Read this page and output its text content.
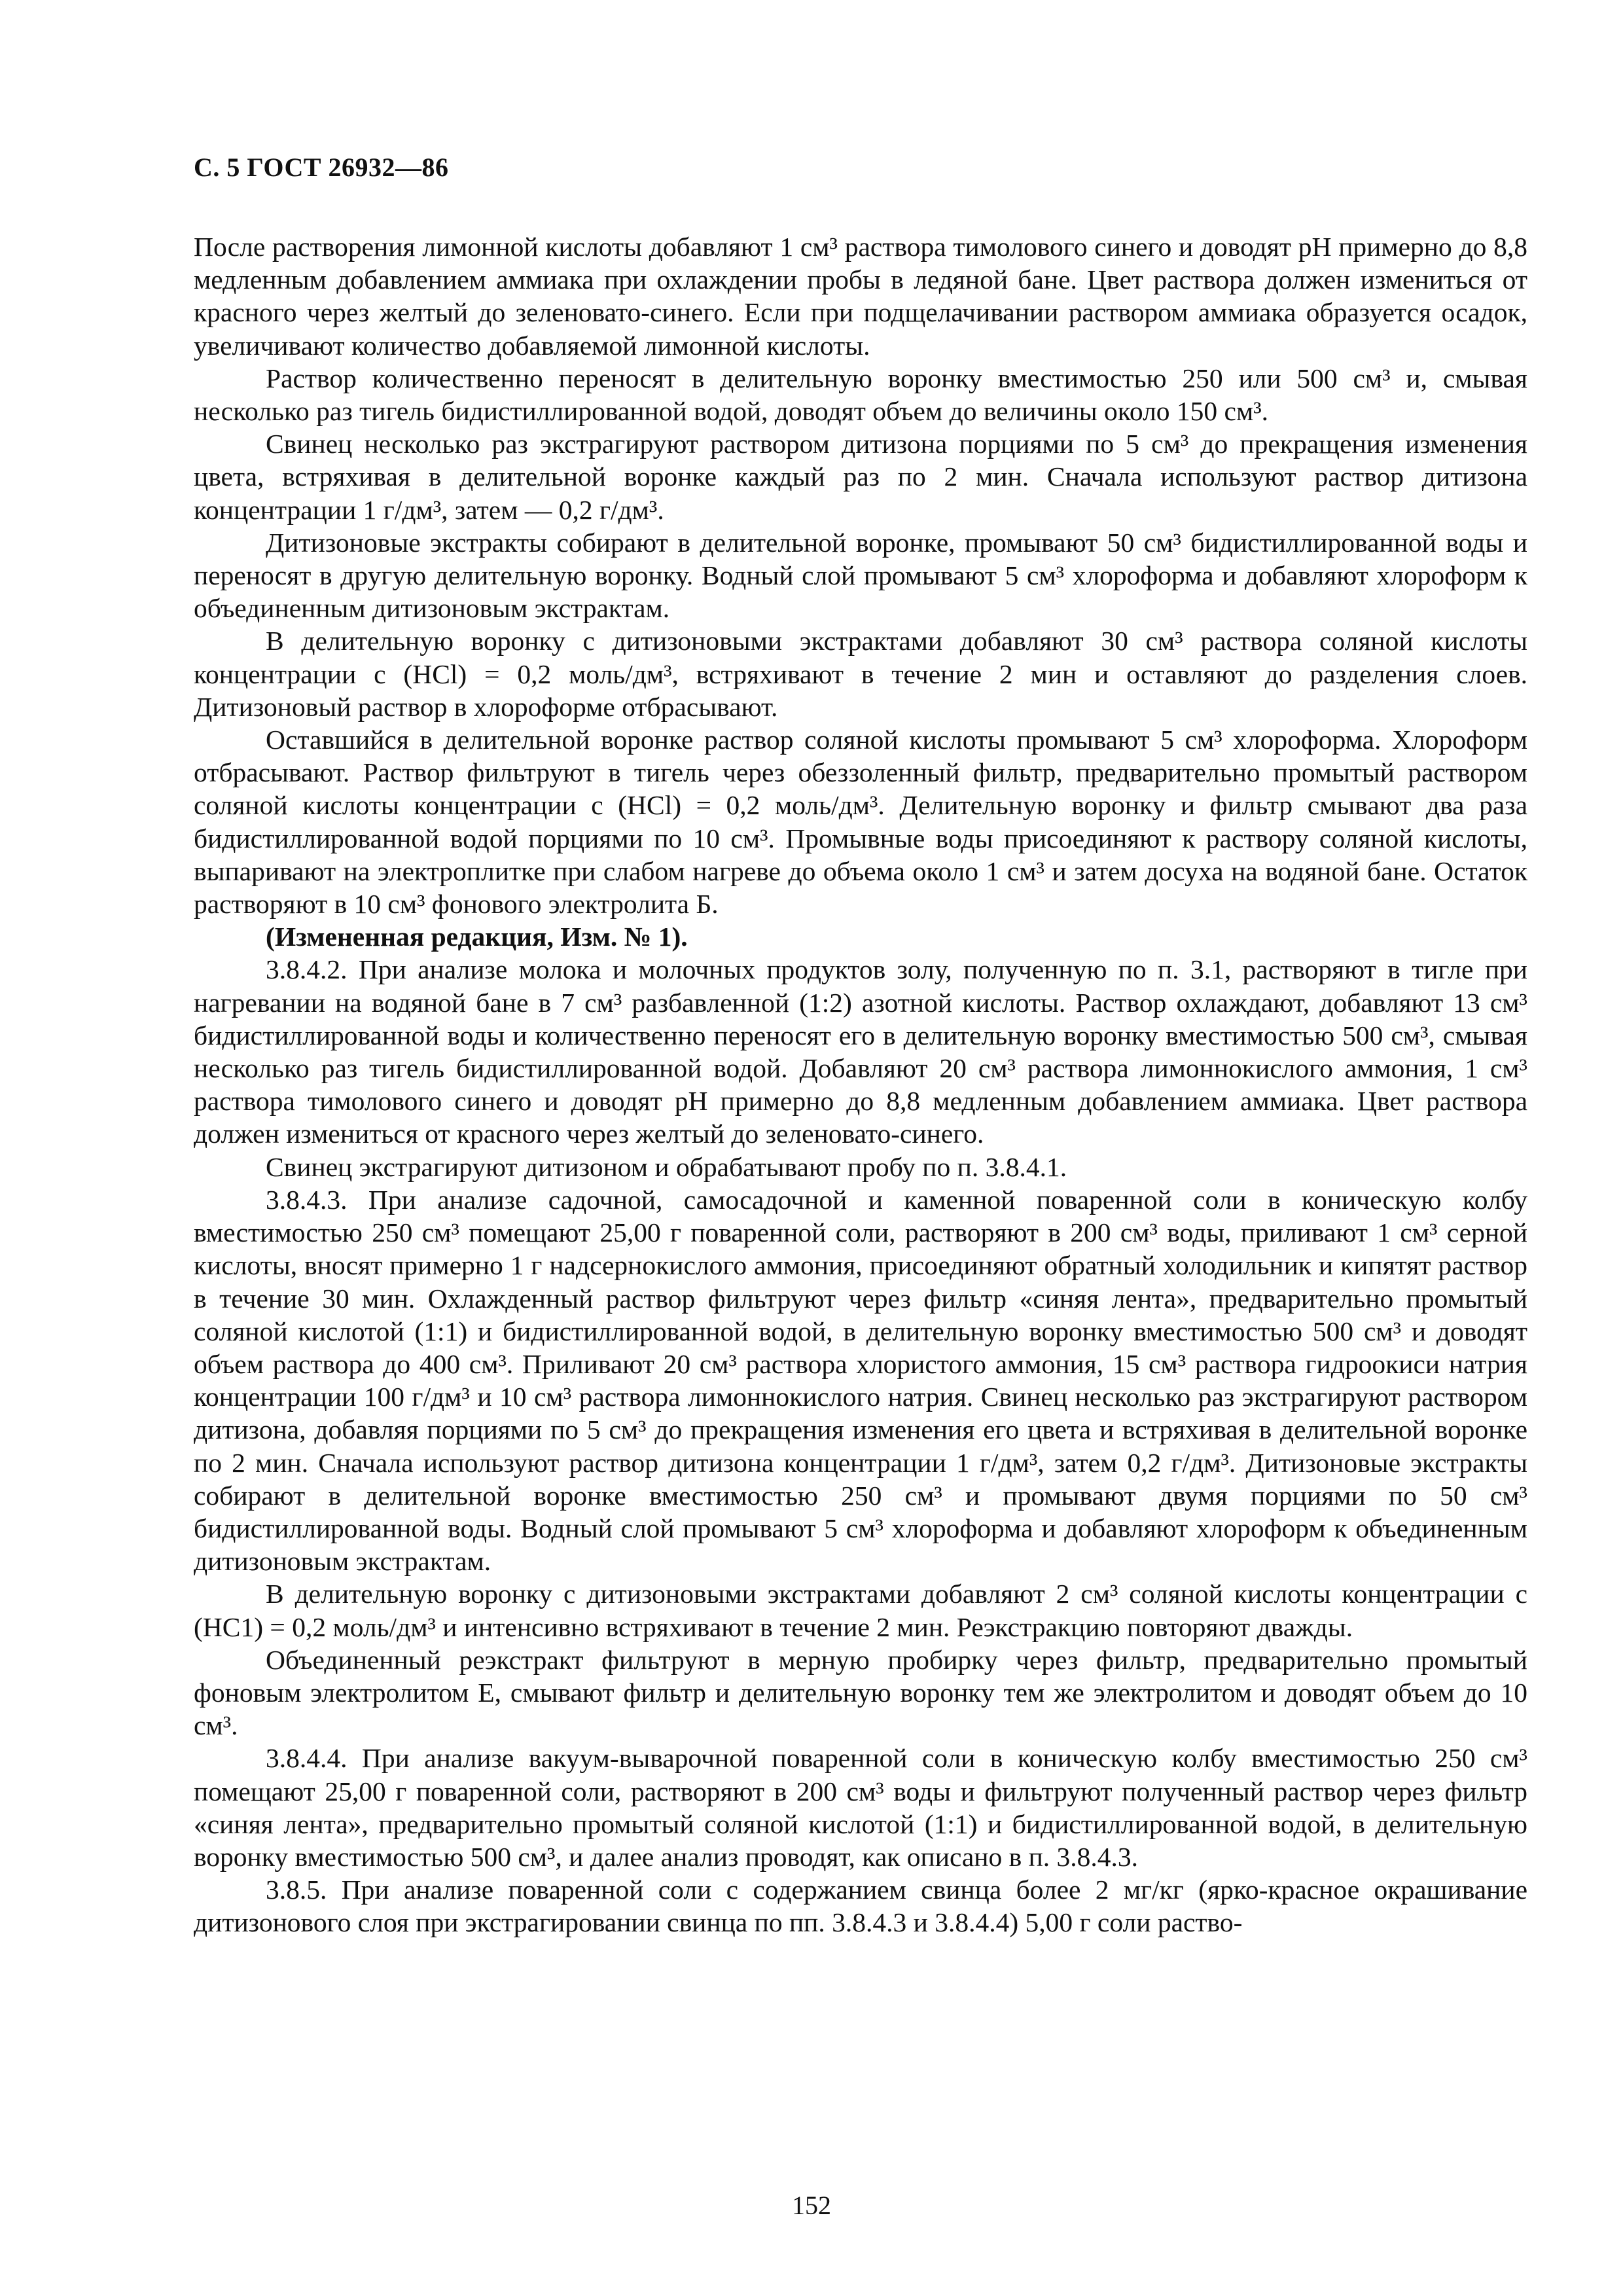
С. 5 ГОСТ 26932—86

После растворения лимонной кислоты добавляют 1 см³ раствора тимолового синего и доводят pH примерно до 8,8 медленным добавлением аммиака при охлаждении пробы в ледяной бане. Цвет раствора должен измениться от красного через желтый до зеленовато-синего. Если при подщелачивании раствором аммиака образуется осадок, увеличивают количество добавляемой лимонной кислоты.

Раствор количественно переносят в делительную воронку вместимостью 250 или 500 см³ и, смывая несколько раз тигель бидистиллированной водой, доводят объем до величины около 150 см³.

Свинец несколько раз экстрагируют раствором дитизона порциями по 5 см³ до прекращения изменения цвета, встряхивая в делительной воронке каждый раз по 2 мин. Сначала используют раствор дитизона концентрации 1 г/дм³, затем — 0,2 г/дм³.

Дитизоновые экстракты собирают в делительной воронке, промывают 50 см³ бидистиллированной воды и переносят в другую делительную воронку. Водный слой промывают 5 см³ хлороформа и добавляют хлороформ к объединенным дитизоновым экстрактам.

В делительную воронку с дитизоновыми экстрактами добавляют 30 см³ раствора соляной кислоты концентрации c (HCl) = 0,2 моль/дм³, встряхивают в течение 2 мин и оставляют до разделения слоев. Дитизоновый раствор в хлороформе отбрасывают.

Оставшийся в делительной воронке раствор соляной кислоты промывают 5 см³ хлороформа. Хлороформ отбрасывают. Раствор фильтруют в тигель через обеззоленный фильтр, предварительно промытый раствором соляной кислоты концентрации c (HCl) = 0,2 моль/дм³. Делительную воронку и фильтр смывают два раза бидистиллированной водой порциями по 10 см³. Промывные воды присоединяют к раствору соляной кислоты, выпаривают на электроплитке при слабом нагреве до объема около 1 см³ и затем досуха на водяной бане. Остаток растворяют в 10 см³ фонового электролита Б.

(Измененная редакция, Изм. № 1).

3.8.4.2. При анализе молока и молочных продуктов золу, полученную по п. 3.1, растворяют в тигле при нагревании на водяной бане в 7 см³ разбавленной (1:2) азотной кислоты. Раствор охлаждают, добавляют 13 см³ бидистиллированной воды и количественно переносят его в делительную воронку вместимостью 500 см³, смывая несколько раз тигель бидистиллированной водой. Добавляют 20 см³ раствора лимоннокислого аммония, 1 см³ раствора тимолового синего и доводят pH примерно до 8,8 медленным добавлением аммиака. Цвет раствора должен измениться от красного через желтый до зеленовато-синего.

Свинец экстрагируют дитизоном и обрабатывают пробу по п. 3.8.4.1.

3.8.4.3. При анализе садочной, самосадочной и каменной поваренной соли в коническую колбу вместимостью 250 см³ помещают 25,00 г поваренной соли, растворяют в 200 см³ воды, приливают 1 см³ серной кислоты, вносят примерно 1 г надсернокислого аммония, присоединяют обратный холодильник и кипятят раствор в течение 30 мин. Охлажденный раствор фильтруют через фильтр «синяя лента», предварительно промытый соляной кислотой (1:1) и бидистиллированной водой, в делительную воронку вместимостью 500 см³ и доводят объем раствора до 400 см³. Приливают 20 см³ раствора хлористого аммония, 15 см³ раствора гидроокиси натрия концентрации 100 г/дм³ и 10 см³ раствора лимоннокислого натрия. Свинец несколько раз экстрагируют раствором дитизона, добавляя порциями по 5 см³ до прекращения изменения его цвета и встряхивая в делительной воронке по 2 мин. Сначала используют раствор дитизона концентрации 1 г/дм³, затем 0,2 г/дм³. Дитизоновые экстракты собирают в делительной воронке вместимостью 250 см³ и промывают двумя порциями по 50 см³ бидистиллированной воды. Водный слой промывают 5 см³ хлороформа и добавляют хлороформ к объединенным дитизоновым экстрактам.

В делительную воронку с дитизоновыми экстрактами добавляют 2 см³ соляной кислоты концентрации c (HC1) = 0,2 моль/дм³ и интенсивно встряхивают в течение 2 мин. Реэкстракцию повторяют дважды.

Объединенный реэкстракт фильтруют в мерную пробирку через фильтр, предварительно промытый фоновым электролитом Е, смывают фильтр и делительную воронку тем же электролитом и доводят объем до 10 см³.

3.8.4.4. При анализе вакуум-выварочной поваренной соли в коническую колбу вместимостью 250 см³ помещают 25,00 г поваренной соли, растворяют в 200 см³ воды и фильтруют полученный раствор через фильтр «синяя лента», предварительно промытый соляной кислотой (1:1) и бидистиллированной водой, в делительную воронку вместимостью 500 см³, и далее анализ проводят, как описано в п. 3.8.4.3.

3.8.5. При анализе поваренной соли с содержанием свинца более 2 мг/кг (ярко-красное окрашивание дитизонового слоя при экстрагировании свинца по пп. 3.8.4.3 и 3.8.4.4) 5,00 г соли раство-

152
